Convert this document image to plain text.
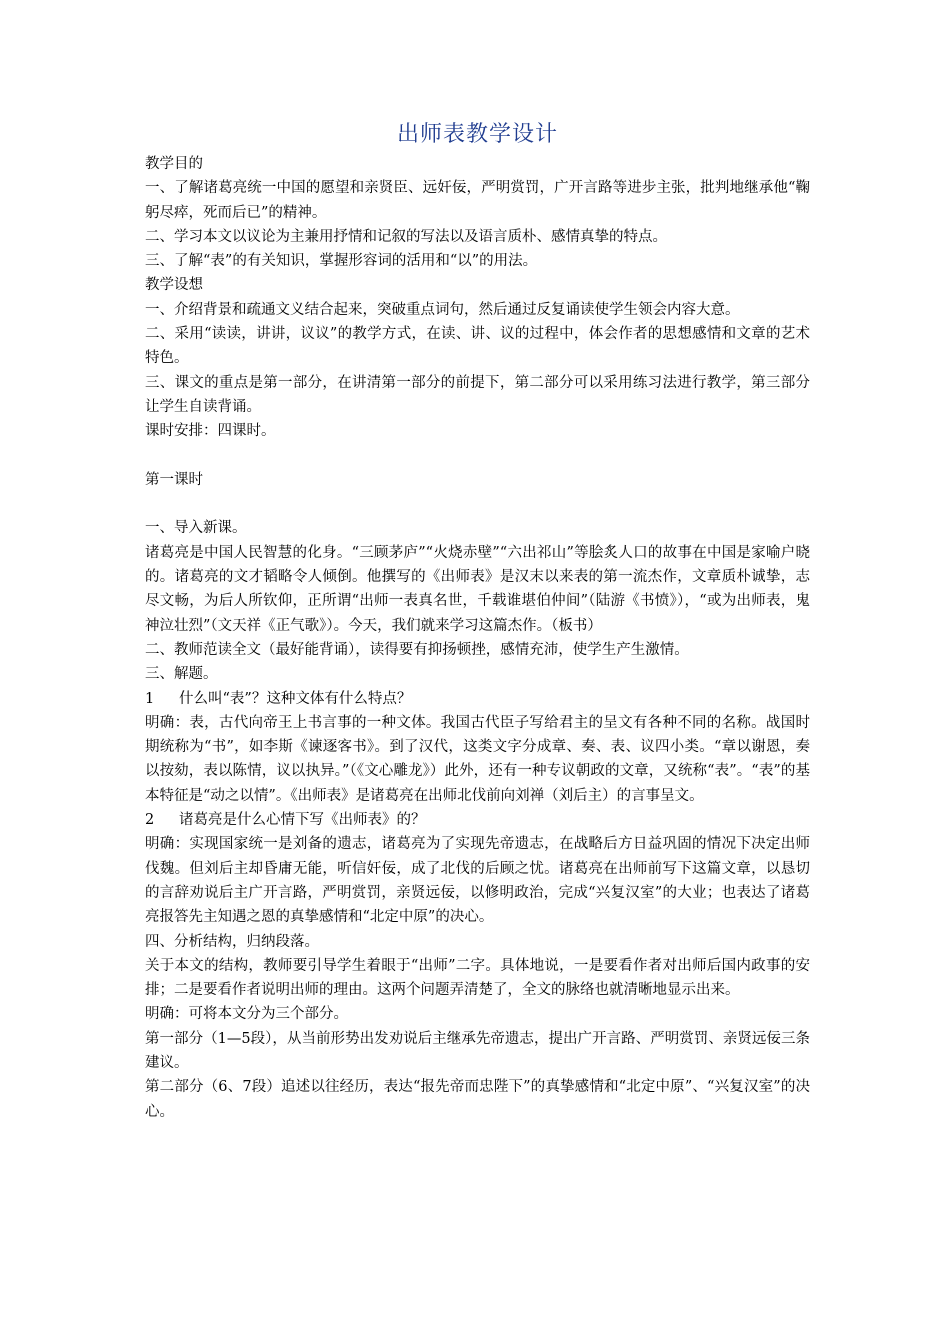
出师表教学设计

教学目的

一、了解诸葛亮统一中国的愿望和亲贤臣、远奸佞，严明赏罚，广开言路等进步主张，批判地继承他“鞠躬尽瘁，死而后已”的精神。

二、学习本文以议论为主兼用抒情和记叙的写法以及语言质朴、感情真挚的特点。

三、了解“表”的有关知识，掌握形容词的活用和“以”的用法。

教学设想

一、介绍背景和疏通文义结合起来，突破重点词句，然后通过反复诵读使学生领会内容大意。

二、采用“读读，讲讲，议议”的教学方式，在读、讲、议的过程中，体会作者的思想感情和文章的艺术特色。

三、课文的重点是第一部分，在讲清第一部分的前提下，第二部分可以采用练习法进行教学，第三部分让学生自读背诵。

课时安排：四课时。

第一课时

一、导入新课。

诸葛亮是中国人民智慧的化身。“三顾茅庐”“火烧赤壁”“六出祁山”等脍炙人口的故事在中国是家喻户晓的。诸葛亮的文才韬略令人倾倒。他撰写的《出师表》是汉末以来表的第一流杰作，文章质朴诚挚，志尽文畅，为后人所钦仰，正所谓“出师一表真名世，千载谁堪伯仲间”（陆游《书愤》），“或为出师表，鬼神泣壮烈”（文天祥《正气歌》）。今天，我们就来学习这篇杰作。（板书）

二、教师范读全文（最好能背诵），读得要有抑扬顿挫，感情充沛，使学生产生激情。

三、解题。

1 什么叫“表”？这种文体有什么特点？

明确：表，古代向帝王上书言事的一种文体。我国古代臣子写给君主的呈文有各种不同的名称。战国时期统称为“书”，如李斯《谏逐客书》。到了汉代，这类文字分成章、奏、表、议四小类。“章以谢恩，奏以按劾，表以陈情，议以执异。”（《文心雕龙》）此外，还有一种专议朝政的文章，又统称“表”。“表”的基本特征是“动之以情”。《出师表》是诸葛亮在出师北伐前向刘禅（刘后主）的言事呈文。

2 诸葛亮是什么心情下写《出师表》的？

明确：实现国家统一是刘备的遗志，诸葛亮为了实现先帝遗志，在战略后方日益巩固的情况下决定出师伐魏。但刘后主却昏庸无能，听信奸佞，成了北伐的后顾之忧。诸葛亮在出师前写下这篇文章，以恳切的言辞劝说后主广开言路，严明赏罚，亲贤远佞，以修明政治，完成“兴复汉室”的大业；也表达了诸葛亮报答先主知遇之恩的真挚感情和“北定中原”的决心。

四、分析结构，归纳段落。

关于本文的结构，教师要引导学生着眼于“出师”二字。具体地说，一是要看作者对出师后国内政事的安排；二是要看作者说明出师的理由。这两个问题弄清楚了，全文的脉络也就清晰地显示出来。

明确：可将本文分为三个部分。

第一部分（1—5段），从当前形势出发劝说后主继承先帝遗志，提出广开言路、严明赏罚、亲贤远佞三条建议。

第二部分（6、7段）追述以往经历，表达“报先帝而忠陛下”的真挚感情和“北定中原”、“兴复汉室”的决心。
